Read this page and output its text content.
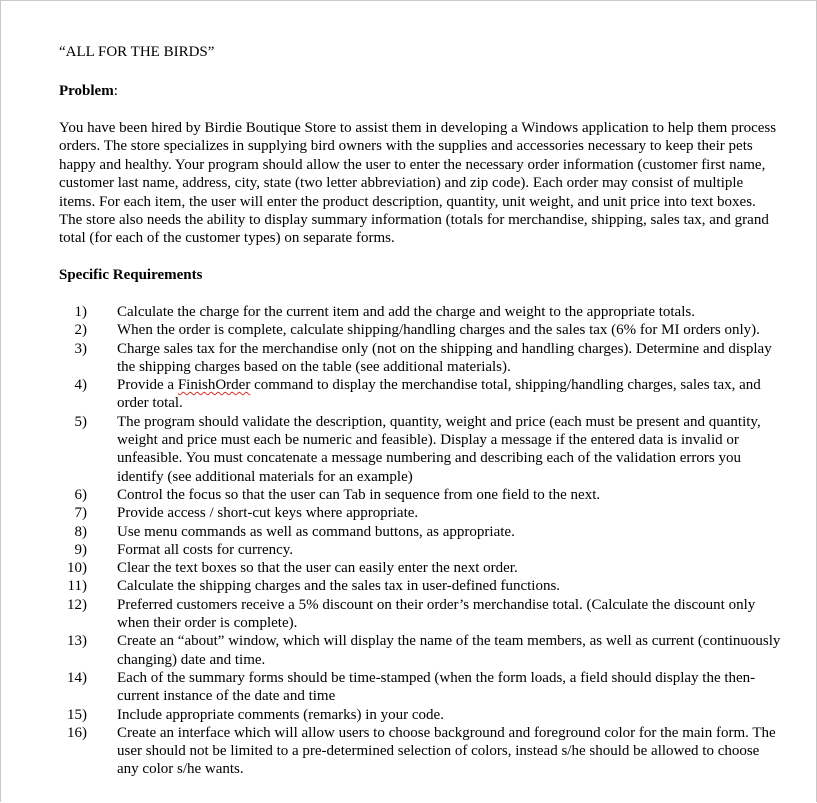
“ALL FOR THE BIRDS”
Problem:
You have been hired by Birdie Boutique Store to assist them in developing a Windows application to help them process orders. The store specializes in supplying bird owners with the supplies and accessories necessary to keep their pets happy and healthy. Your program should allow the user to enter the necessary order information (customer first name, customer last name, address, city, state (two letter abbreviation) and zip code). Each order may consist of multiple items. For each item, the user will enter the product description, quantity, unit weight, and unit price into text boxes. The store also needs the ability to display summary information (totals for merchandise, shipping, sales tax, and grand total (for each of the customer types) on separate forms.
Specific Requirements
1)	Calculate the charge for the current item and add the charge and weight to the appropriate totals.
2)	When the order is complete, calculate shipping/handling charges and the sales tax (6% for MI orders only).
3)	Charge sales tax for the merchandise only (not on the shipping and handling charges). Determine and display the shipping charges based on the table (see additional materials).
4)	Provide a FinishOrder command to display the merchandise total, shipping/handling charges, sales tax, and order total.
5)	The program should validate the description, quantity, weight and price (each must be present and quantity, weight and price must each be numeric and feasible). Display a message if the entered data is invalid or unfeasible. You must concatenate a message numbering and describing each of the validation errors you identify (see additional materials for an example)
6)	Control the focus so that the user can Tab in sequence from one field to the next.
7)	Provide access / short-cut keys where appropriate.
8)	Use menu commands as well as command buttons, as appropriate.
9)	Format all costs for currency.
10)	Clear the text boxes so that the user can easily enter the next order.
11)	Calculate the shipping charges and the sales tax in user-defined functions.
12)	Preferred customers receive a 5% discount on their order’s merchandise total. (Calculate the discount only when their order is complete).
13)	Create an “about” window, which will display the name of the team members, as well as current (continuously changing) date and time.
14)	Each of the summary forms should be time-stamped (when the form loads, a field should display the then-current instance of the date and time
15)	Include appropriate comments (remarks) in your code.
16)	Create an interface which will allow users to choose background and foreground color for the main form. The user should not be limited to a pre-determined selection of colors, instead s/he should be allowed to choose any color s/he wants.
